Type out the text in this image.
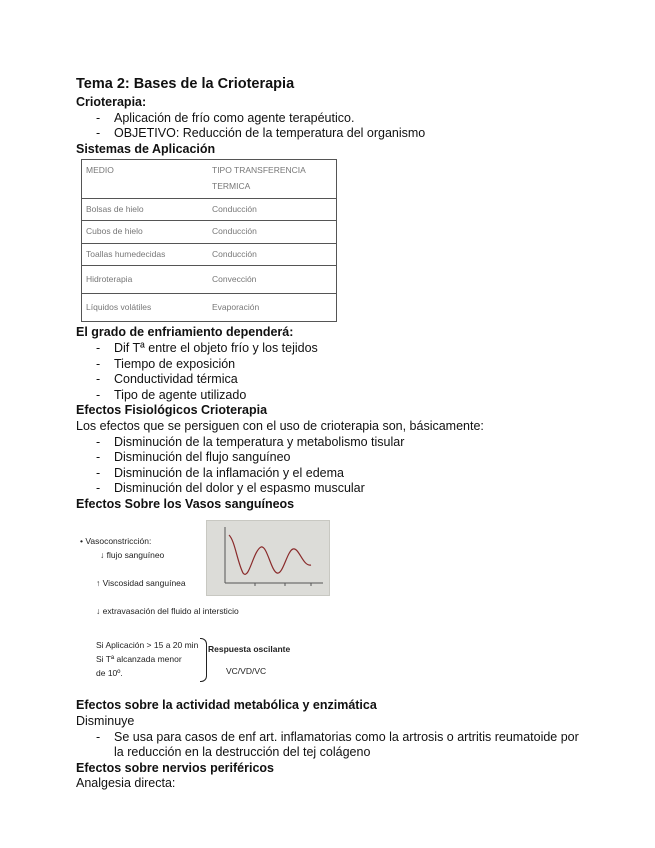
Tema 2: Bases de la Crioterapia

Crioterapia:

- Aplicación de frío como agente terapéutico.
- OBJETIVO: Reducción de la temperatura del organismo

Sistemas de Aplicación

MEDIO	TIPO TRANSFERENCIA TERMICA
Bolsas de hielo	Conducción
Cubos de hielo	Conducción
Toallas humedecidas	Conducción
Hidroterapia	Convección
Líquidos volátiles	Evaporación

El grado de enfriamiento dependerá:

- Dif Tª entre el objeto frío y los tejidos
- Tiempo de exposición
- Conductividad térmica
- Tipo de agente utilizado

Efectos Fisiológicos Crioterapia

Los efectos que se persiguen con el uso de crioterapia son, básicamente:

- Disminución de la temperatura y metabolismo tisular
- Disminución del flujo sanguíneo
- Disminución de la inflamación y el edema
- Disminución del dolor y el espasmo muscular

Efectos Sobre los Vasos sanguíneos

• Vasoconstricción:
↓ flujo sanguíneo
↑ Viscosidad sanguínea
↓ extravasación del fluido al intersticio
Si Aplicación > 15 a 20 min
Si Tª alcanzada menor
de 10º.
Respuesta oscilante
VC/VD/VC

Efectos sobre la actividad metabólica y enzimática

Disminuye

- Se usa para casos de enf art. inflamatorias como la artrosis o artritis reumatoide por la reducción en la destrucción del tej colágeno

Efectos sobre nervios periféricos

Analgesia directa:
